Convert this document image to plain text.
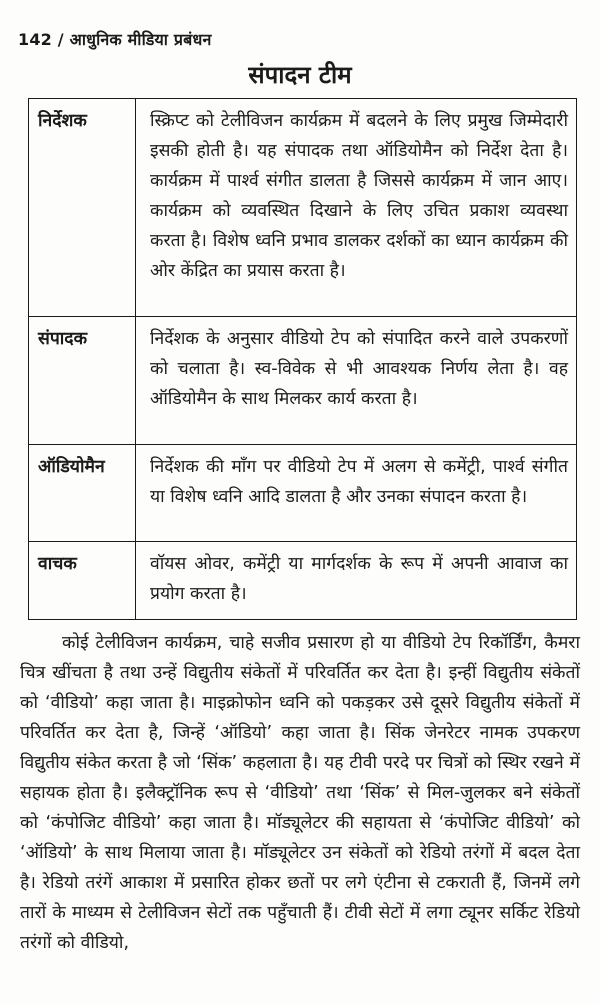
142 / आधुनिक मीडिया प्रबंधन
संपादन टीम
निर्देशक	स्क्रिप्ट को टेलीविजन कार्यक्रम में बदलने के लिए प्रमुख जिम्मेदारी इसकी होती है। यह संपादक तथा ऑडियोमैन को निर्देश देता है। कार्यक्रम में पार्श्व संगीत डालता है जिससे कार्यक्रम में जान आए। कार्यक्रम को व्यवस्थित दिखाने के लिए उचित प्रकाश व्यवस्था करता है। विशेष ध्वनि प्रभाव डालकर दर्शकों का ध्यान कार्यक्रम की ओर केंद्रित का प्रयास करता है।
संपादक	निर्देशक के अनुसार वीडियो टेप को संपादित करने वाले उपकरणों को चलाता है। स्व-विवेक से भी आवश्यक निर्णय लेता है। वह ऑडियोमैन के साथ मिलकर कार्य करता है।
ऑडियोमैन	निर्देशक की माँग पर वीडियो टेप में अलग से कमेंट्री, पार्श्व संगीत या विशेष ध्वनि आदि डालता है और उनका संपादन करता है।
वाचक	वॉयस ओवर, कमेंट्री या मार्गदर्शक के रूप में अपनी आवाज का प्रयोग करता है।

कोई टेलीविजन कार्यक्रम, चाहे सजीव प्रसारण हो या वीडियो टेप रिकॉर्डिंग, कैमरा चित्र खींचता है तथा उन्हें विद्युतीय संकेतों में परिवर्तित कर देता है। इन्हीं विद्युतीय संकेतों को ‘वीडियो’ कहा जाता है। माइक्रोफोन ध्वनि को पकड़कर उसे दूसरे विद्युतीय संकेतों में परिवर्तित कर देता है, जिन्हें ‘ऑडियो’ कहा जाता है। सिंक जेनरेटर नामक उपकरण विद्युतीय संकेत करता है जो ‘सिंक’ कहलाता है। यह टीवी परदे पर चित्रों को स्थिर रखने में सहायक होता है। इलैक्ट्रॉनिक रूप से ‘वीडियो’ तथा ‘सिंक’ से मिल-जुलकर बने संकेतों को ‘कंपोजिट वीडियो’ कहा जाता है। मॉड्यूलेटर की सहायता से ‘कंपोजिट वीडियो’ को ‘ऑडियो’ के साथ मिलाया जाता है। मॉड्यूलेटर उन संकेतों को रेडियो तरंगों में बदल देता है। रेडियो तरंगें आकाश में प्रसारित होकर छतों पर लगे एंटीना से टकराती हैं, जिनमें लगे तारों के माध्यम से टेलीविजन सेटों तक पहुँचाती हैं। टीवी सेटों में लगा ट्यूनर सर्किट रेडियो तरंगों को वीडियो,
